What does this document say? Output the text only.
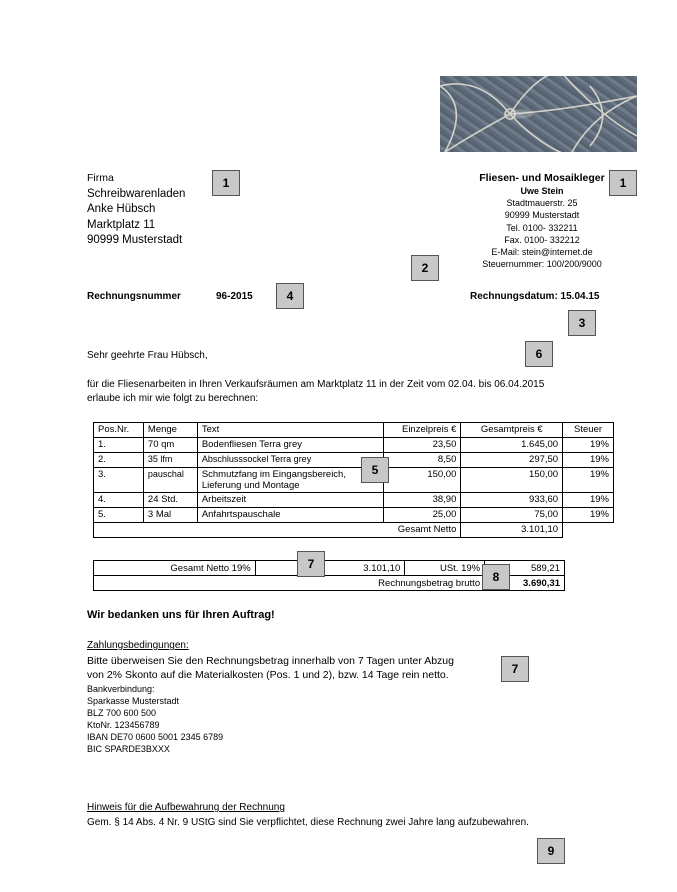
Firma
Schreibwarenladen
Anke Hübsch
Marktplatz 11
90999 Musterstadt
Fliesen- und Mosaikleger
Uwe Stein
Stadtmauerstr. 25
90999 Musterstadt
Tel. 0100- 332211
Fax. 0100- 332212
E-Mail: stein@internet.de
Steuernummer: 100/200/9000
Rechnungsnummer	96-2015	Rechnungsdatum: 15.04.15
Sehr geehrte Frau Hübsch,
für die Fliesenarbeiten in Ihren Verkaufsräumen am Marktplatz 11 in der Zeit vom 02.04. bis 06.04.2015
erlaube ich mir wie folgt zu berechnen:
Pos.Nr.	Menge	Text	Einzelpreis €	Gesamtpreis €	Steuer
1.	70 qm	Bodenfliesen Terra grey	23,50	1.645,00	19%
2.	35 lfm	Abschlusssockel Terra grey	8,50	297,50	19%
3.	pauschal	Schmutzfang im Eingangsbereich,
Lieferung und Montage	150,00	150,00	19%
4.	24 Std.	Arbeitszeit	38,90	933,60	19%
5.	3 Mal	Anfahrtspauschale	25,00	75,00	19%
Gesamt Netto				3.101,10	
Gesamt Netto 19%	3.101,10	USt. 19%	589,21
Rechnungsbetrag brutto			3.690,31
Wir bedanken uns für Ihren Auftrag!
Zahlungsbedingungen:
Bitte überweisen Sie den Rechnungsbetrag innerhalb von 7 Tagen unter Abzug
von 2% Skonto auf die Materialkosten (Pos. 1 und 2), bzw. 14 Tage rein netto.
Bankverbindung:
Sparkasse Musterstadt
BLZ 700 600 500
KtoNr. 123456789
IBAN DE70 0600 5001 2345 6789
BIC SPARDE3BXXX
Hinweis für die Aufbewahrung der Rechnung
Gem. § 14 Abs. 4 Nr. 9 UStG sind Sie verpflichtet, diese Rechnung zwei Jahre lang aufzubewahren.
1	1
2
4
3
6
5
7
8
7
9
